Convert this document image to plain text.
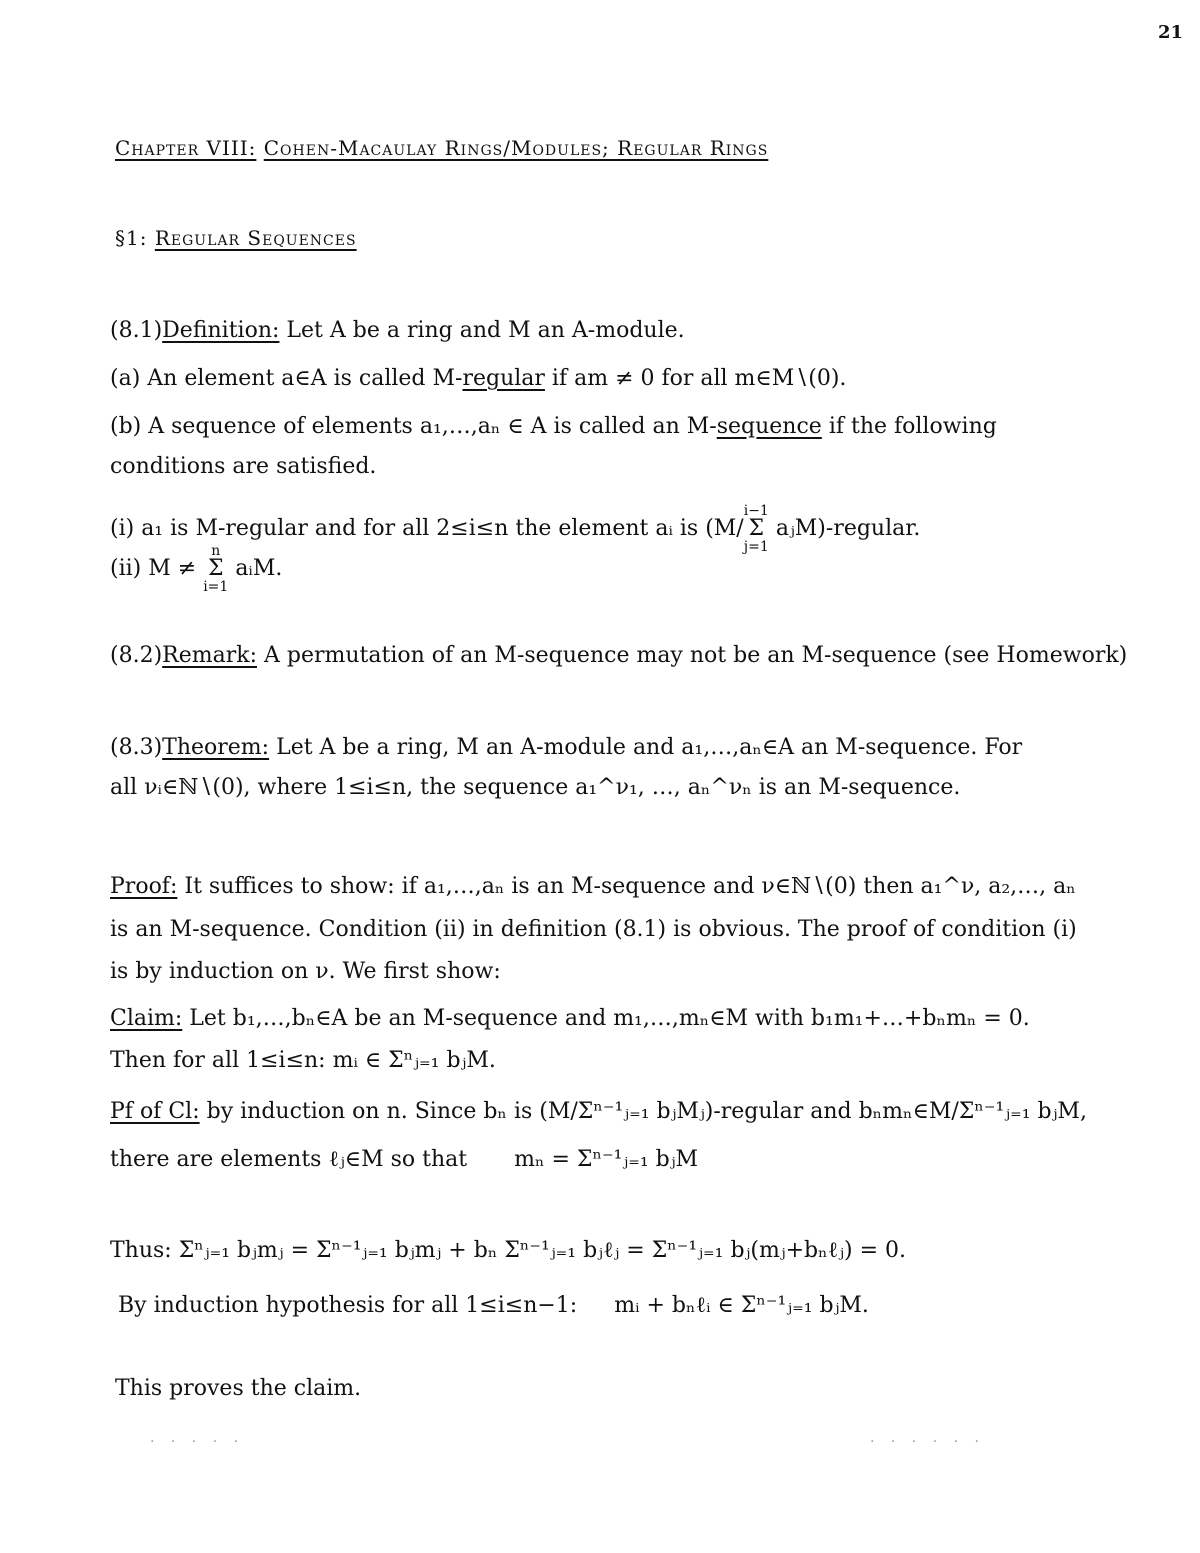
21
Chapter VIII: Cohen-Macaulay Rings/Modules; Regular Rings
§1: Regular Sequences
(8.1)Definition: Let A be a ring and M an A-module.
(a) An element a∈A is called M-regular if am ≠ 0 for all m∈M∖(0).
(b) A sequence of elements a₁,…,aₙ ∈ A is called an M-sequence if the following
conditions are satisfied.
(i) a₁ is M-regular and for all 2≤i≤n the element aᵢ is (M/i−1
Σ
j=1 aⱼM)-regular.
(ii) M ≠ n
Σ
i=1 aᵢM.
(8.2)Remark: A permutation of an M-sequence may not be an M-sequence (see Homework)
(8.3)Theorem: Let A be a ring, M an A-module and a₁,…,aₙ∈A an M-sequence. For
all νᵢ∈ℕ∖(0), where 1≤i≤n, the sequence a₁^ν₁, …, aₙ^νₙ is an M-sequence.
Proof: It suffices to show: if a₁,…,aₙ is an M-sequence and ν∈ℕ∖(0) then a₁^ν, a₂,…, aₙ
is an M-sequence. Condition (ii) in definition (8.1) is obvious. The proof of condition (i)
is by induction on ν. We first show:
Claim: Let b₁,…,bₙ∈A be an M-sequence and m₁,…,mₙ∈M with b₁m₁+…+bₙmₙ = 0.
Then for all 1≤i≤n: mᵢ ∈ Σⁿⱼ₌₁ bⱼM.
Pf of Cl: by induction on n. Since bₙ is (M/Σⁿ⁻¹ⱼ₌₁ bⱼMⱼ)-regular and bₙmₙ∈M/Σⁿ⁻¹ⱼ₌₁ bⱼM,
there are elements ℓⱼ∈M so that mₙ = Σⁿ⁻¹ⱼ₌₁ bⱼM
Thus: Σⁿⱼ₌₁ bⱼmⱼ = Σⁿ⁻¹ⱼ₌₁ bⱼmⱼ + bₙ Σⁿ⁻¹ⱼ₌₁ bⱼℓⱼ = Σⁿ⁻¹ⱼ₌₁ bⱼ(mⱼ+bₙℓⱼ) = 0.
By induction hypothesis for all 1≤i≤n−1: mᵢ + bₙℓᵢ ∈ Σⁿ⁻¹ⱼ₌₁ bⱼM.
This proves the claim.
. . . . .	. . . . . .
